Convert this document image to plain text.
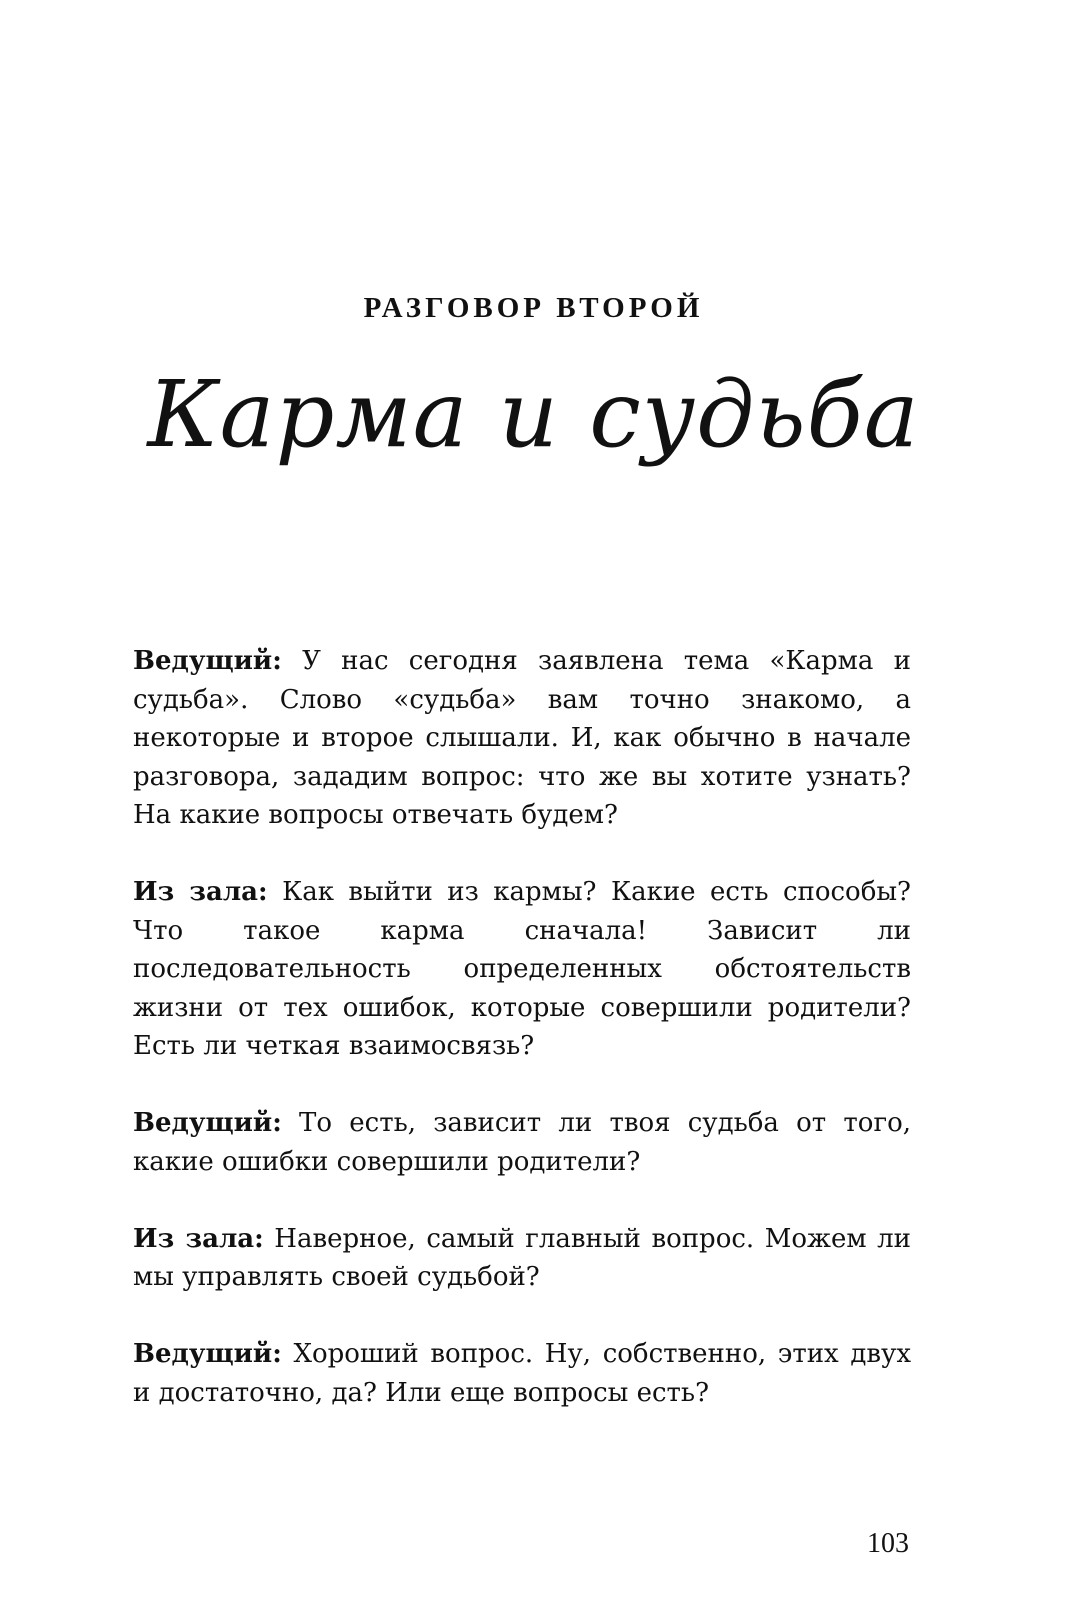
РАЗГОВОР ВТОРОЙ
Карма и судьба

Ведущий: У нас сегодня заявлена тема «Карма и судьба». Слово «судьба» вам точно знакомо, а некоторые и второе слышали. И, как обычно в начале разговора, зададим вопрос: что же вы хотите узнать? На какие вопросы отвечать будем?

Из зала: Как выйти из кармы? Какие есть способы? Что такое карма сначала! Зависит ли последовательность определенных обстоятельств жизни от тех ошибок, которые совершили родители? Есть ли четкая взаимосвязь?

Ведущий: То есть, зависит ли твоя судьба от того, какие ошибки совершили родители?

Из зала: Наверное, самый главный вопрос. Можем ли мы управлять своей судьбой?

Ведущий: Хороший вопрос. Ну, собственно, этих двух и достаточно, да? Или еще вопросы есть?

103
